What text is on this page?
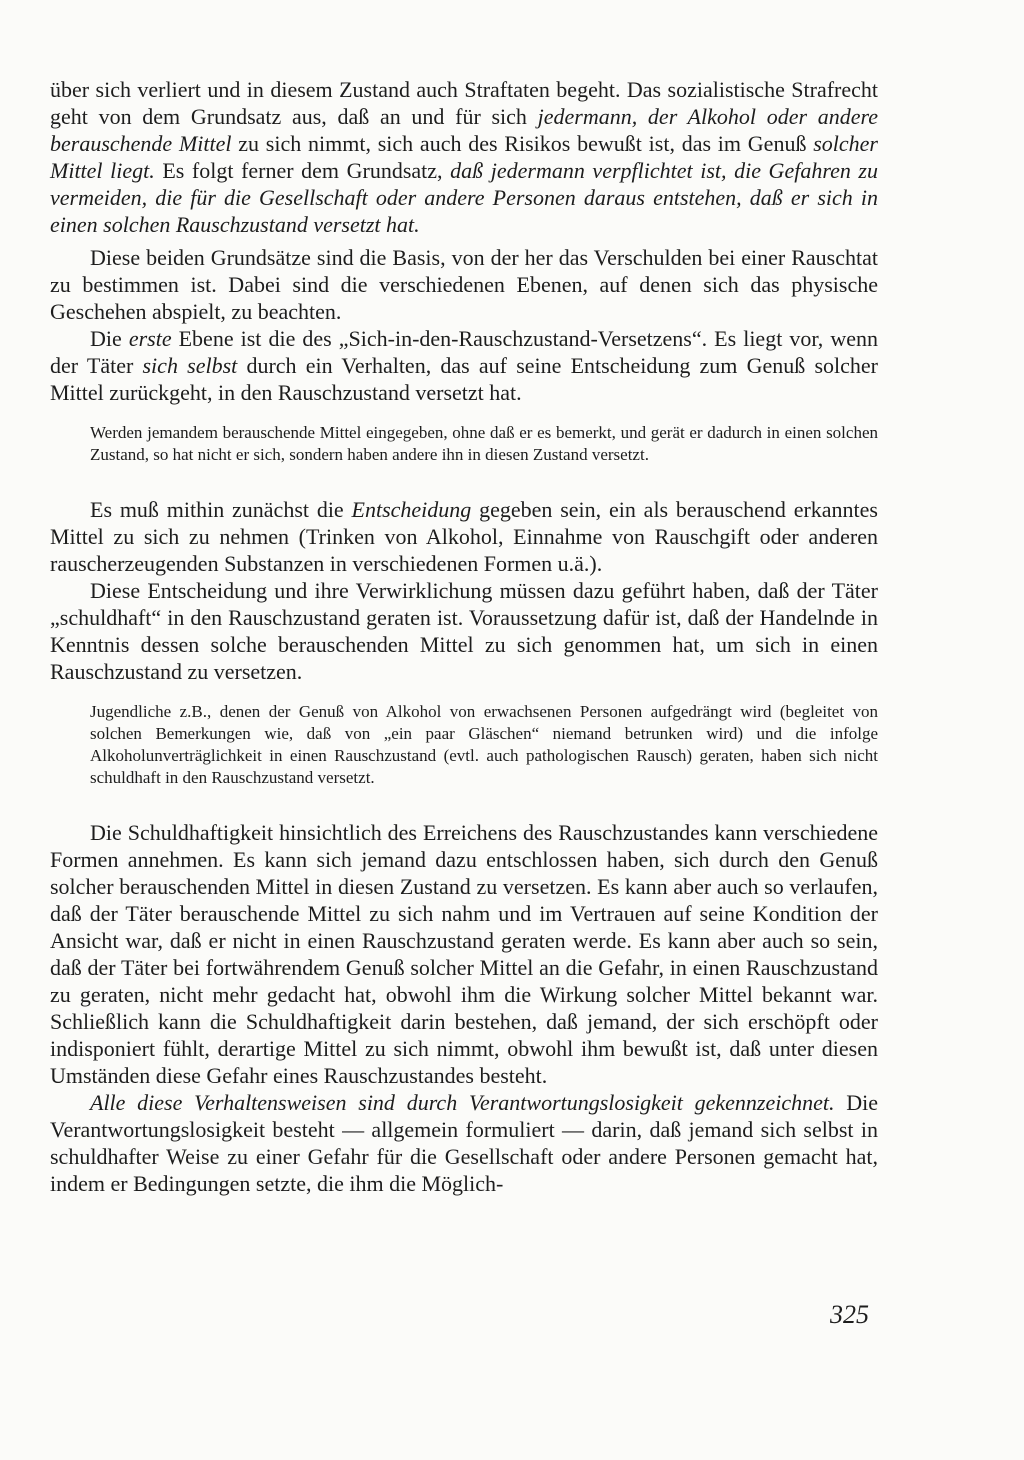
über sich verliert und in diesem Zustand auch Straftaten begeht. Das sozialistische Strafrecht geht von dem Grundsatz aus, daß an und für sich jedermann, der Alkohol oder andere berauschende Mittel zu sich nimmt, sich auch des Risikos bewußt ist, das im Genuß solcher Mittel liegt. Es folgt ferner dem Grundsatz, daß jedermann verpflichtet ist, die Gefahren zu vermeiden, die für die Gesellschaft oder andere Personen daraus entstehen, daß er sich in einen solchen Rauschzustand versetzt hat.

Diese beiden Grundsätze sind die Basis, von der her das Verschulden bei einer Rauschtat zu bestimmen ist. Dabei sind die verschiedenen Ebenen, auf denen sich das physische Geschehen abspielt, zu beachten.

Die erste Ebene ist die des „Sich-in-den-Rauschzustand-Versetzens“. Es liegt vor, wenn der Täter sich selbst durch ein Verhalten, das auf seine Entscheidung zum Genuß solcher Mittel zurückgeht, in den Rauschzustand versetzt hat.

Werden jemandem berauschende Mittel eingegeben, ohne daß er es bemerkt, und gerät er dadurch in einen solchen Zustand, so hat nicht er sich, sondern haben andere ihn in diesen Zustand versetzt.

Es muß mithin zunächst die Entscheidung gegeben sein, ein als berauschend erkanntes Mittel zu sich zu nehmen (Trinken von Alkohol, Einnahme von Rauschgift oder anderen rauscherzeugenden Substanzen in verschiedenen Formen u.ä.).

Diese Entscheidung und ihre Verwirklichung müssen dazu geführt haben, daß der Täter „schuldhaft“ in den Rauschzustand geraten ist. Voraussetzung dafür ist, daß der Handelnde in Kenntnis dessen solche berauschenden Mittel zu sich genommen hat, um sich in einen Rauschzustand zu versetzen.

Jugendliche z.B., denen der Genuß von Alkohol von erwachsenen Personen aufgedrängt wird (begleitet von solchen Bemerkungen wie, daß von „ein paar Gläschen“ niemand betrunken wird) und die infolge Alkoholunverträglichkeit in einen Rauschzustand (evtl. auch pathologischen Rausch) geraten, haben sich nicht schuldhaft in den Rauschzustand versetzt.

Die Schuldhaftigkeit hinsichtlich des Erreichens des Rauschzustandes kann verschiedene Formen annehmen. Es kann sich jemand dazu entschlossen haben, sich durch den Genuß solcher berauschenden Mittel in diesen Zustand zu versetzen. Es kann aber auch so verlaufen, daß der Täter berauschende Mittel zu sich nahm und im Vertrauen auf seine Kondition der Ansicht war, daß er nicht in einen Rauschzustand geraten werde. Es kann aber auch so sein, daß der Täter bei fortwährendem Genuß solcher Mittel an die Gefahr, in einen Rauschzustand zu geraten, nicht mehr gedacht hat, obwohl ihm die Wirkung solcher Mittel bekannt war. Schließlich kann die Schuldhaftigkeit darin bestehen, daß jemand, der sich erschöpft oder indisponiert fühlt, derartige Mittel zu sich nimmt, obwohl ihm bewußt ist, daß unter diesen Umständen diese Gefahr eines Rauschzustandes besteht.

Alle diese Verhaltensweisen sind durch Verantwortungslosigkeit gekennzeichnet. Die Verantwortungslosigkeit besteht — allgemein formuliert — darin, daß jemand sich selbst in schuldhafter Weise zu einer Gefahr für die Gesellschaft oder andere Personen gemacht hat, indem er Bedingungen setzte, die ihm die Möglich-

325
